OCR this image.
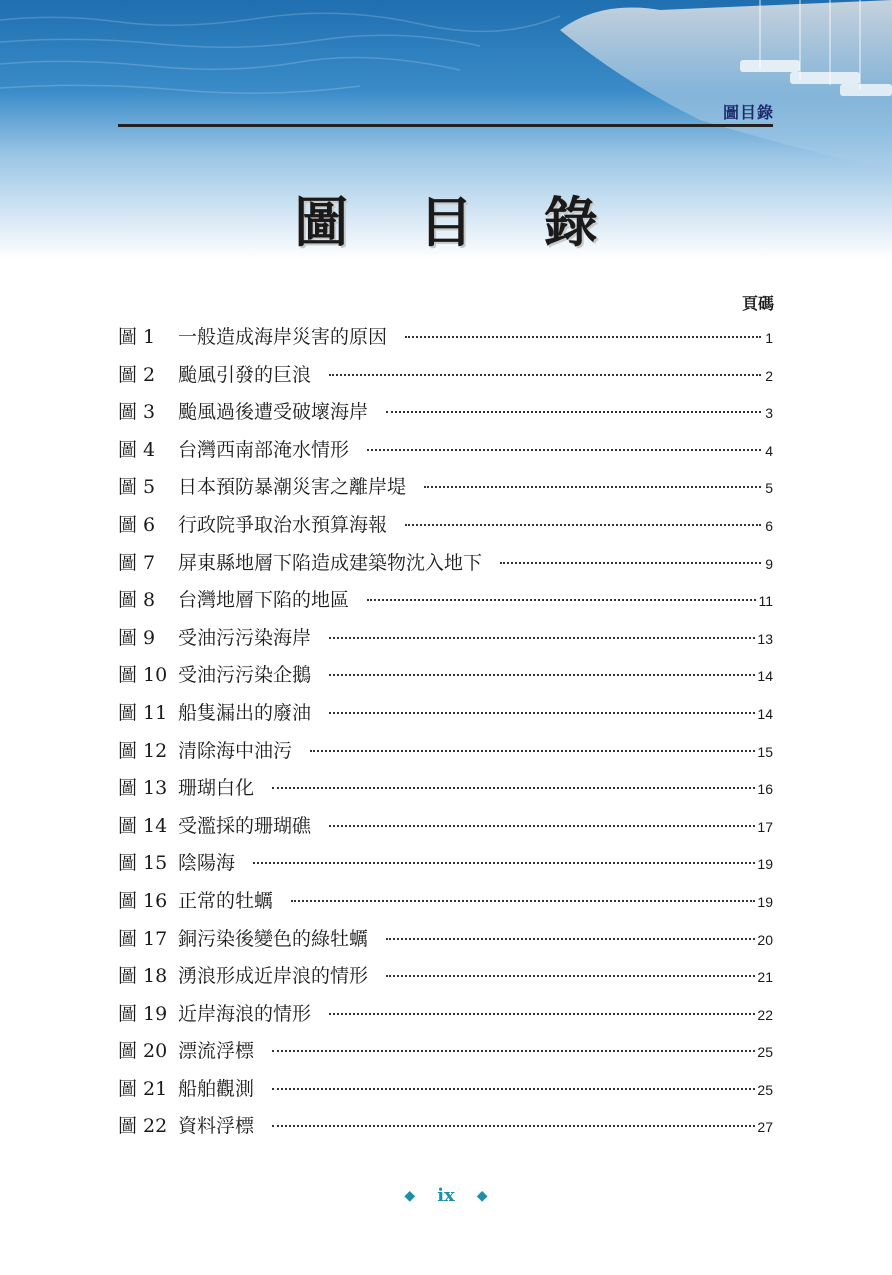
圖目錄
圖 目 錄
頁碼
圖 1	一般造成海岸災害的原因	1
圖 2	颱風引發的巨浪	2
圖 3	颱風過後遭受破壞海岸	3
圖 4	台灣西南部淹水情形	4
圖 5	日本預防暴潮災害之離岸堤	5
圖 6	行政院爭取治水預算海報	6
圖 7	屏東縣地層下陷造成建築物沈入地下	9
圖 8	台灣地層下陷的地區	11
圖 9	受油污污染海岸	13
圖 10 受油污污染企鵝	14
圖 11 船隻漏出的廢油	14
圖 12 清除海中油污	15
圖 13 珊瑚白化	16
圖 14 受濫採的珊瑚礁	17
圖 15 陰陽海	19
圖 16 正常的牡蠣	19
圖 17 銅污染後變色的綠牡蠣	20
圖 18 湧浪形成近岸浪的情形	21
圖 19 近岸海浪的情形	22
圖 20 漂流浮標	25
圖 21 船舶觀測	25
圖 22 資料浮標	27
◆ ix ◆
